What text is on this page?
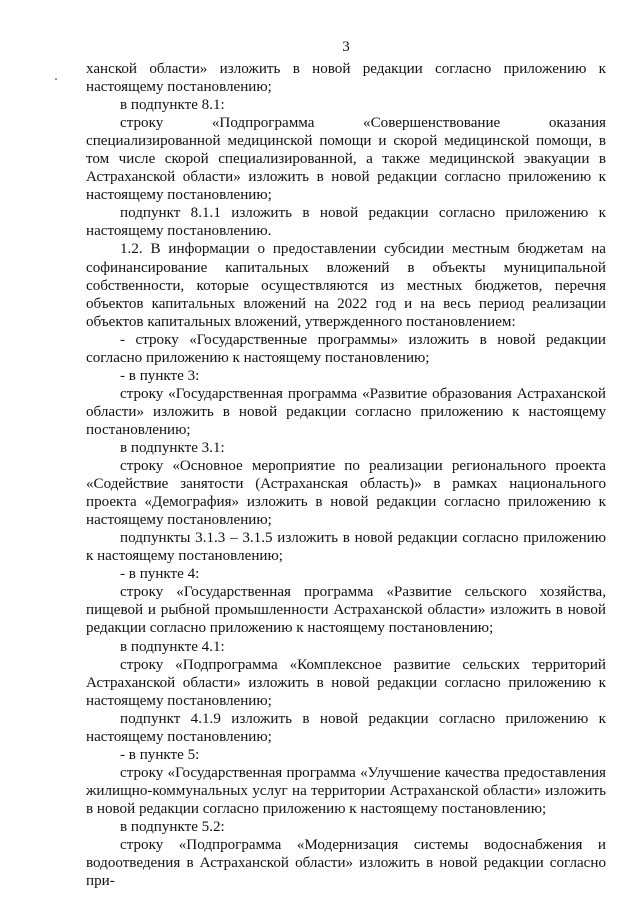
3

ханской области» изложить в новой редакции согласно приложению к настоящему постановлению;

в подпункте 8.1:

строку «Подпрограмма «Совершенствование оказания специализированной медицинской помощи и скорой медицинской помощи, в том числе скорой специализированной, а также медицинской эвакуации в Астраханской области» изложить в новой редакции согласно приложению к настоящему постановлению;

подпункт 8.1.1 изложить в новой редакции согласно приложению к настоящему постановлению.

1.2. В информации о предоставлении субсидии местным бюджетам на софинансирование капитальных вложений в объекты муниципальной собственности, которые осуществляются из местных бюджетов, перечня объектов капитальных вложений на 2022 год и на весь период реализации объектов капитальных вложений, утвержденного постановлением:

- строку «Государственные программы» изложить в новой редакции согласно приложению к настоящему постановлению;

- в пункте 3:

строку «Государственная программа «Развитие образования Астраханской области» изложить в новой редакции согласно приложению к настоящему постановлению;

в подпункте 3.1:

строку «Основное мероприятие по реализации регионального проекта «Содействие занятости (Астраханская область)» в рамках национального проекта «Демография» изложить в новой редакции согласно приложению к настоящему постановлению;

подпункты 3.1.3 – 3.1.5 изложить в новой редакции согласно приложению к настоящему постановлению;

- в пункте 4:

строку «Государственная программа «Развитие сельского хозяйства, пищевой и рыбной промышленности Астраханской области» изложить в новой редакции согласно приложению к настоящему постановлению;

в подпункте 4.1:

строку «Подпрограмма «Комплексное развитие сельских территорий Астраханской области» изложить в новой редакции согласно приложению к настоящему постановлению;

подпункт 4.1.9 изложить в новой редакции согласно приложению к настоящему постановлению;

- в пункте 5:

строку «Государственная программа «Улучшение качества предоставления жилищно-коммунальных услуг на территории Астраханской области» изложить в новой редакции согласно приложению к настоящему постановлению;

в подпункте 5.2:

строку «Подпрограмма «Модернизация системы водоснабжения и водоотведения в Астраханской области» изложить в новой редакции согласно при-
